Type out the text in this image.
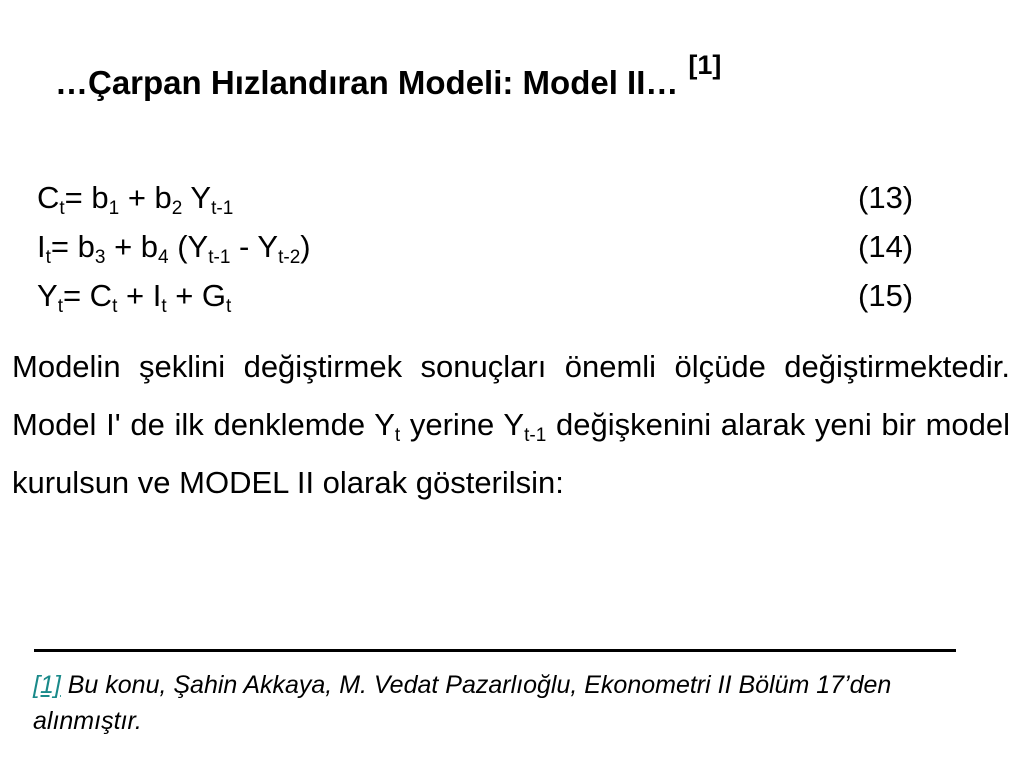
…Çarpan Hızlandıran Modeli: Model II… [1]
$C_t= b_1 + b_2$ $Y_{t-1}$	(13)
$I_t= b_3 + b_4$ $(Y_{t-1} - Y_{t-2})$	(14)
$Y_t= C_t + I_t + G_t$	(15)
Modelin şeklini değiştirmek sonuçları önemli ölçüde değiştirmektedir. Model I' de ilk denklemde $Y_t$ yerine $Y_{t-1}$ değişkenini alarak yeni bir model kurulsun ve MODEL II olarak gösterilsin:
[1] Bu konu, Şahin Akkaya, M. Vedat Pazarlıoğlu, Ekonometri II Bölüm 17’den alınmıştır.
